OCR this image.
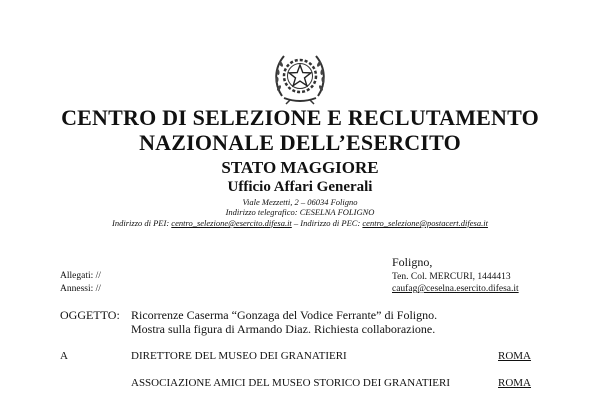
CENTRO DI SELEZIONE E RECLUTAMENTO
NAZIONALE DELL’ESERCITO
STATO MAGGIORE
Ufficio Affari Generali
Viale Mezzetti, 2 – 06034 Foligno
Indirizzo telegrafico: CESELNA FOLIGNO
Indirizzo di PEI: centro_selezione@esercito.difesa.it – Indirizzo di PEC: centro_selezione@postacert.difesa.it
Foligno,
Ten. Col. MERCURI, 1444413
caufag@ceselna.esercito.difesa.it
Allegati: //
Annessi: //
OGGETTO: Ricorrenze Caserma “Gonzaga del Vodice Ferrante” di Foligno.
Mostra sulla figura di Armando Diaz. Richiesta collaborazione.
A	DIRETTORE DEL MUSEO DEI GRANATIERI	ROMA
ASSOCIAZIONE AMICI DEL MUSEO STORICO DEI GRANATIERI	ROMA
